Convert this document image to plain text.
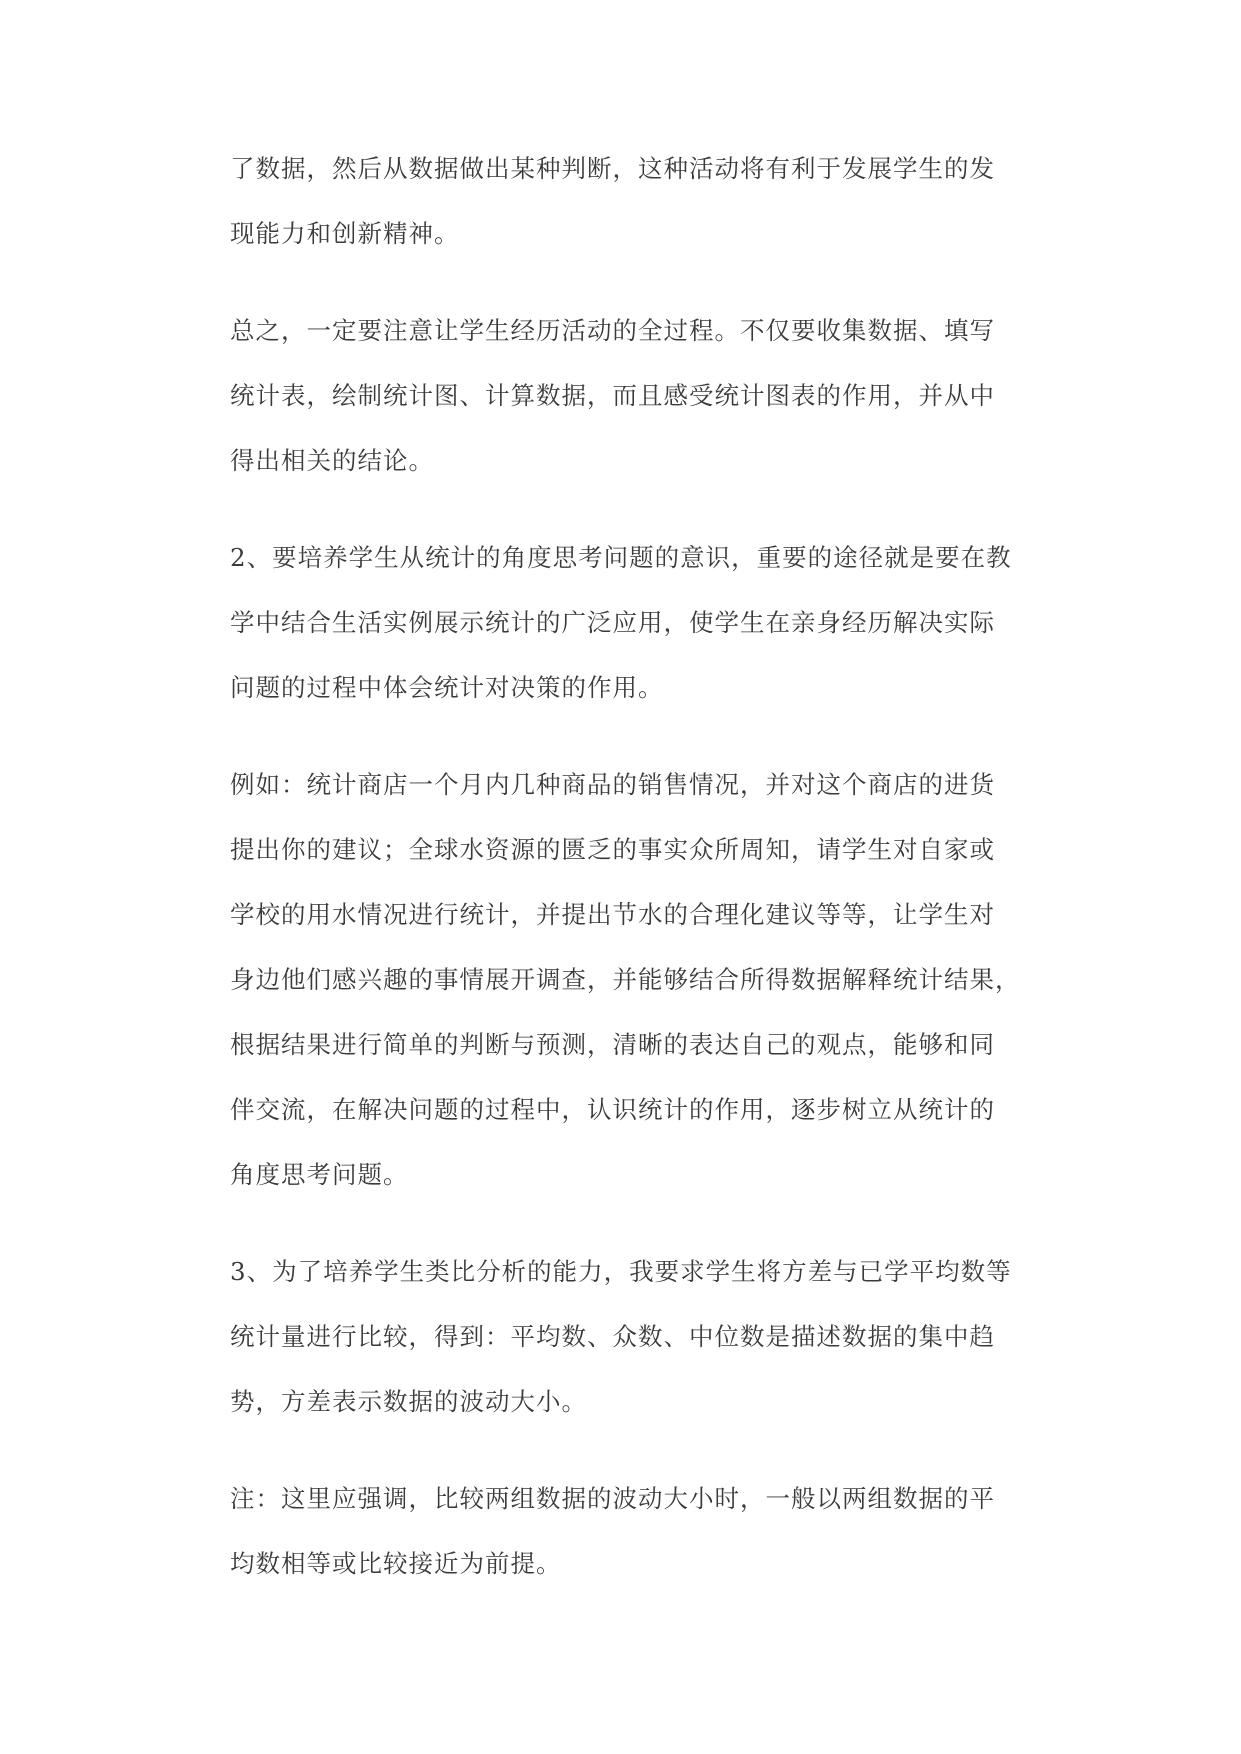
了数据，然后从数据做出某种判断，这种活动将有利于发展学生的发
现能力和创新精神。
总之，一定要注意让学生经历活动的全过程。不仅要收集数据、填写
统计表，绘制统计图、计算数据，而且感受统计图表的作用，并从中
得出相关的结论。
2、要培养学生从统计的角度思考问题的意识，重要的途径就是要在教
学中结合生活实例展示统计的广泛应用，使学生在亲身经历解决实际
问题的过程中体会统计对决策的作用。
例如：统计商店一个月内几种商品的销售情况，并对这个商店的进货
提出你的建议；全球水资源的匮乏的事实众所周知，请学生对自家或
学校的用水情况进行统计，并提出节水的合理化建议等等，让学生对
身边他们感兴趣的事情展开调查，并能够结合所得数据解释统计结果，
根据结果进行简单的判断与预测，清晰的表达自己的观点，能够和同
伴交流，在解决问题的过程中，认识统计的作用，逐步树立从统计的
角度思考问题。
3、为了培养学生类比分析的能力，我要求学生将方差与已学平均数等
统计量进行比较，得到：平均数、众数、中位数是描述数据的集中趋
势，方差表示数据的波动大小。
注：这里应强调，比较两组数据的波动大小时，一般以两组数据的平
均数相等或比较接近为前提。
